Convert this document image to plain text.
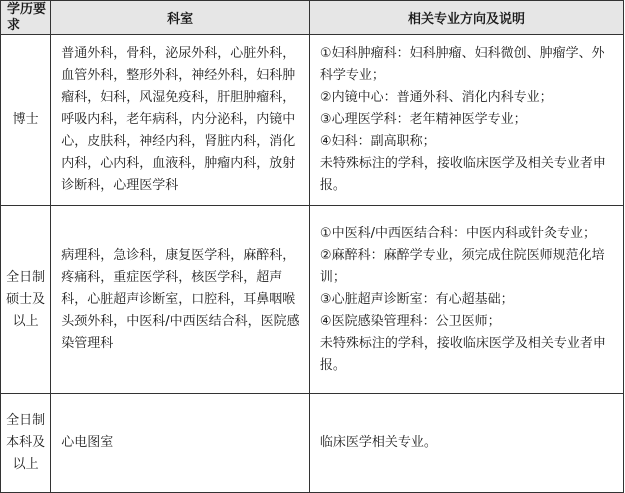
学历要求	科室	相关专业方向及说明
博士	普通外科，骨科，泌尿外科，心脏外科，血管外科，整形外科，神经外科，妇科肿瘤科，妇科，风湿免疫科，肝胆肿瘤科，呼吸内科，老年病科，内分泌科，内镜中心，皮肤科，神经内科，肾脏内科，消化内科，心内科，血液科，肿瘤内科，放射诊断科，心理医学科	①妇科肿瘤科：妇科肿瘤、妇科微创、肿瘤学、外科学专业；
②内镜中心：普通外科、消化内科专业；
③心理医学科：老年精神医学专业；
④妇科：副高职称；
未特殊标注的学科，接收临床医学及相关专业者申报。

全日制硕士及以上	病理科，急诊科，康复医学科，麻醉科，疼痛科，重症医学科，核医学科，超声科，心脏超声诊断室，口腔科，耳鼻咽喉头颈外科，中医科/中西医结合科，医院感染管理科	①中医科/中西医结合科：中医内科或针灸专业；
②麻醉科：麻醉学专业，须完成住院医师规范化培训；
③心脏超声诊断室：有心超基础；
④医院感染管理科：公卫医师；
未特殊标注的学科，接收临床医学及相关专业者申报。

全日制本科及以上	心电图室	临床医学相关专业。
